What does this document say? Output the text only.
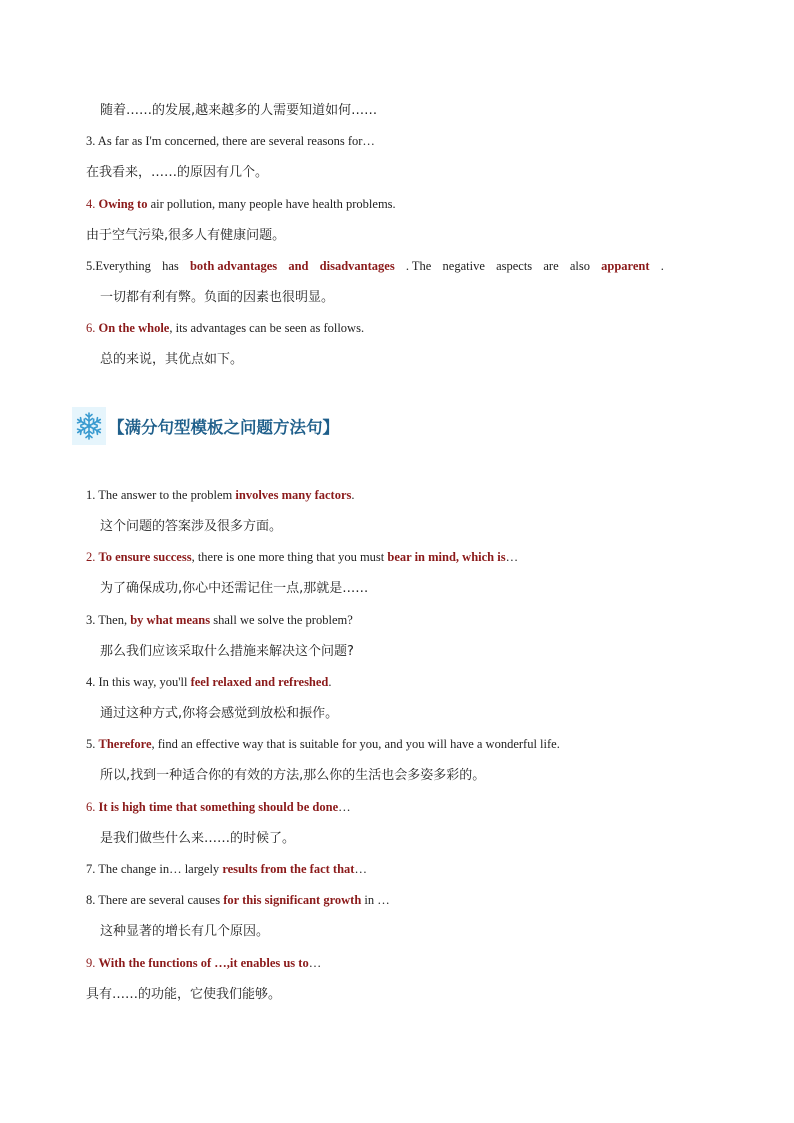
随着……的发展,越来越多的人需要知道如何……
3. As far as I'm concerned, there are several reasons for…
在我看来，……的原因有几个。
4. Owing to air pollution, many people have health problems.
由于空气污染,很多人有健康问题。
5.Everything has both advantages and disadvantages . The negative aspects are also apparent .
一切都有利有弊。负面的因素也很明显。
6. On the whole, its advantages can be seen as follows.
总的来说，其优点如下。
【满分句型模板之问题方法句】
1. The answer to the problem involves many factors.
这个问题的答案涉及很多方面。
2. To ensure success, there is one more thing that you must bear in mind, which is…
为了确保成功,你心中还需记住一点,那就是……
3. Then, by what means shall we solve the problem?
那么我们应该采取什么措施来解决这个问题?
4. In this way, you'll feel relaxed and refreshed.
通过这种方式,你将会感觉到放松和振作。
5. Therefore, find an effective way that is suitable for you, and you will have a wonderful life.
所以,找到一种适合你的有效的方法,那么你的生活也会多姿多彩的。
6. It is high time that something should be done…
是我们做些什么来……的时候了。
7. The change in… largely results from the fact that…
8. There are several causes for this significant growth in …
这种显著的增长有几个原因。
9. With the functions of …,it enables us to…
具有……的功能，它使我们能够。
